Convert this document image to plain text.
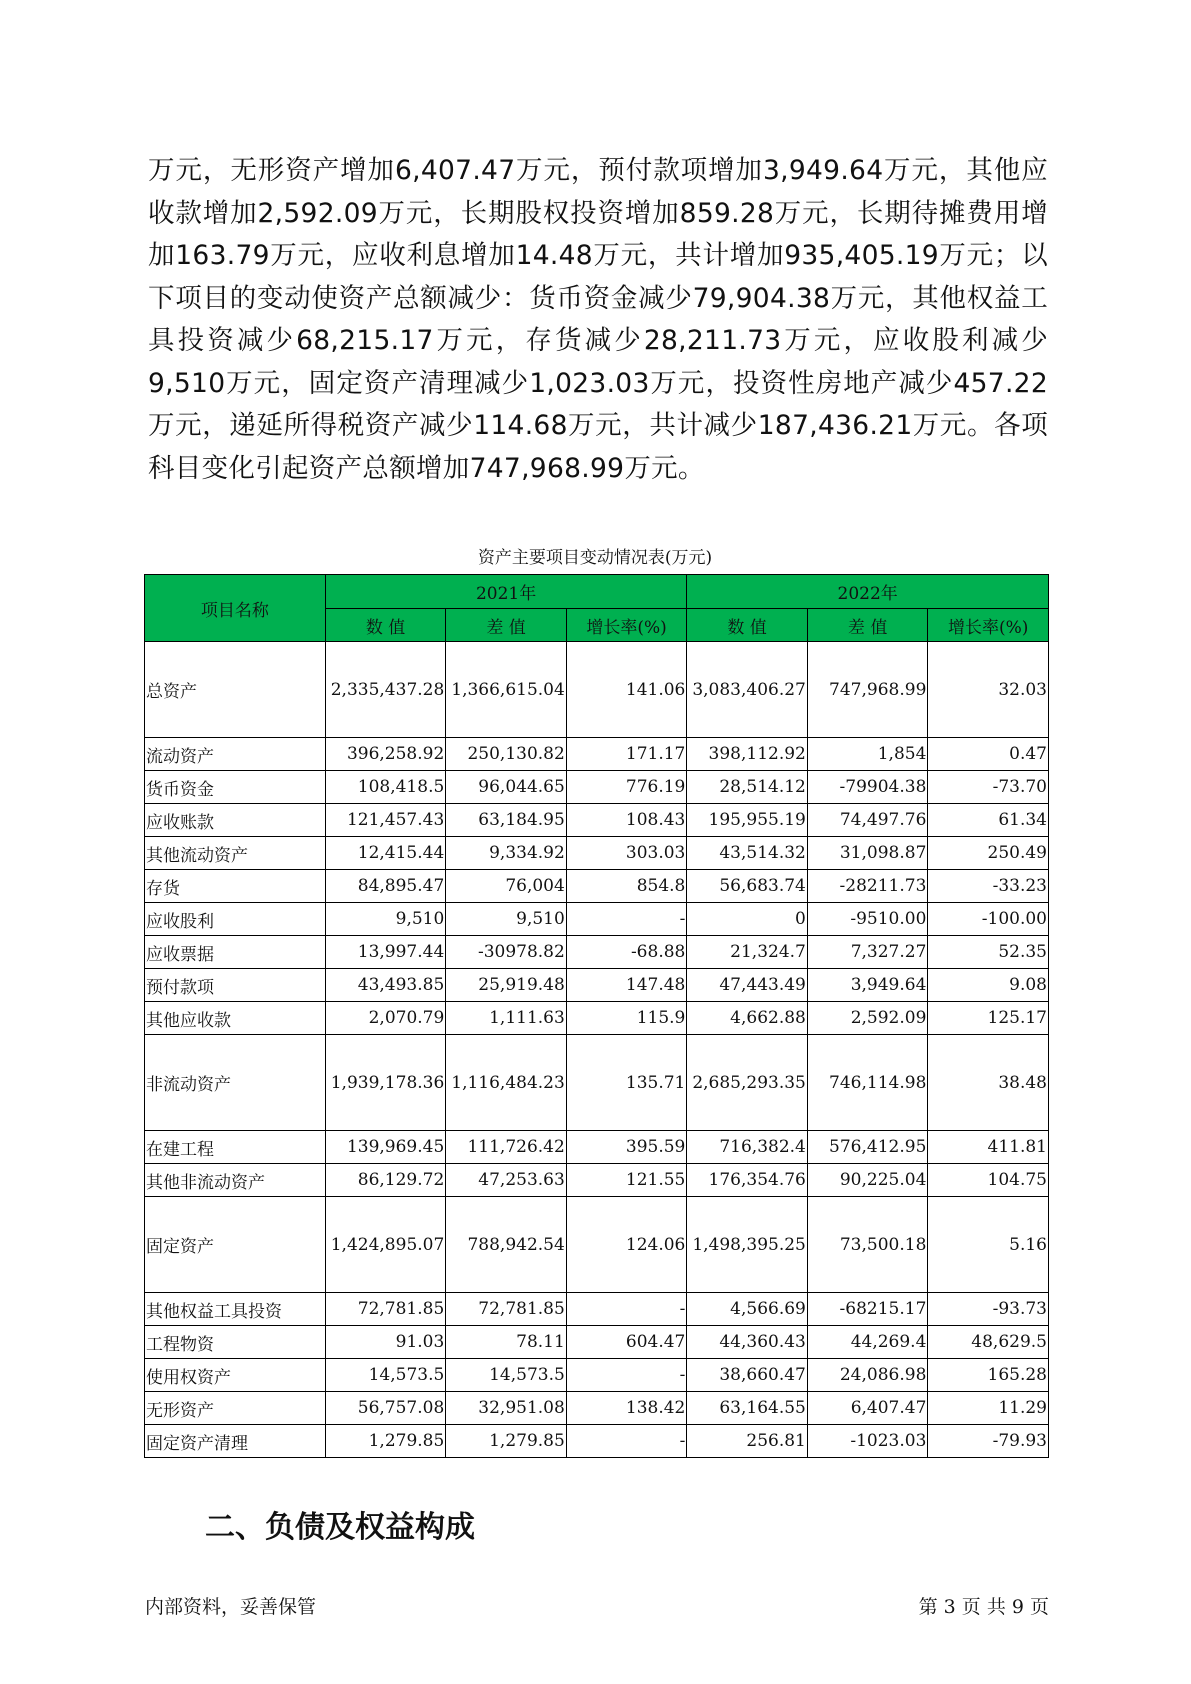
万元，无形资产增加6,407.47万元，预付款项增加3,949.64万元，其他应收款增加2,592.09万元，长期股权投资增加859.28万元，长期待摊费用增加163.79万元，应收利息增加14.48万元，共计增加935,405.19万元；以下项目的变动使资产总额减少：货币资金减少79,904.38万元，其他权益工具投资减少68,215.17万元，存货减少28,211.73万元，应收股利减少9,510万元，固定资产清理减少1,023.03万元，投资性房地产减少457.22万元，递延所得税资产减少114.68万元，共计减少187,436.21万元。各项科目变化引起资产总额增加747,968.99万元。
资产主要项目变动情况表(万元)
项目名称	2021年			2022年		
	数 值	差 值	增长率(%)	数 值	差 值	增长率(%)
总资产	2,335,437.28	1,366,615.04	141.06	3,083,406.27	747,968.99	32.03
流动资产	396,258.92	250,130.82	171.17	398,112.92	1,854	0.47
货币资金	108,418.5	96,044.65	776.19	28,514.12	-79904.38	-73.70
应收账款	121,457.43	63,184.95	108.43	195,955.19	74,497.76	61.34
其他流动资产	12,415.44	9,334.92	303.03	43,514.32	31,098.87	250.49
存货	84,895.47	76,004	854.8	56,683.74	-28211.73	-33.23
应收股利	9,510	9,510	-	0	-9510.00	-100.00
应收票据	13,997.44	-30978.82	-68.88	21,324.7	7,327.27	52.35
预付款项	43,493.85	25,919.48	147.48	47,443.49	3,949.64	9.08
其他应收款	2,070.79	1,111.63	115.9	4,662.88	2,592.09	125.17
非流动资产	1,939,178.36	1,116,484.23	135.71	2,685,293.35	746,114.98	38.48
在建工程	139,969.45	111,726.42	395.59	716,382.4	576,412.95	411.81
其他非流动资产	86,129.72	47,253.63	121.55	176,354.76	90,225.04	104.75
固定资产	1,424,895.07	788,942.54	124.06	1,498,395.25	73,500.18	5.16
其他权益工具投资	72,781.85	72,781.85	-	4,566.69	-68215.17	-93.73
工程物资	91.03	78.11	604.47	44,360.43	44,269.4	48,629.5
使用权资产	14,573.5	14,573.5	-	38,660.47	24,086.98	165.28
无形资产	56,757.08	32,951.08	138.42	63,164.55	6,407.47	11.29
固定资产清理	1,279.85	1,279.85	-	256.81	-1023.03	-79.93
二、负债及权益构成
内部资料，妥善保管	第 3 页 共 9 页
